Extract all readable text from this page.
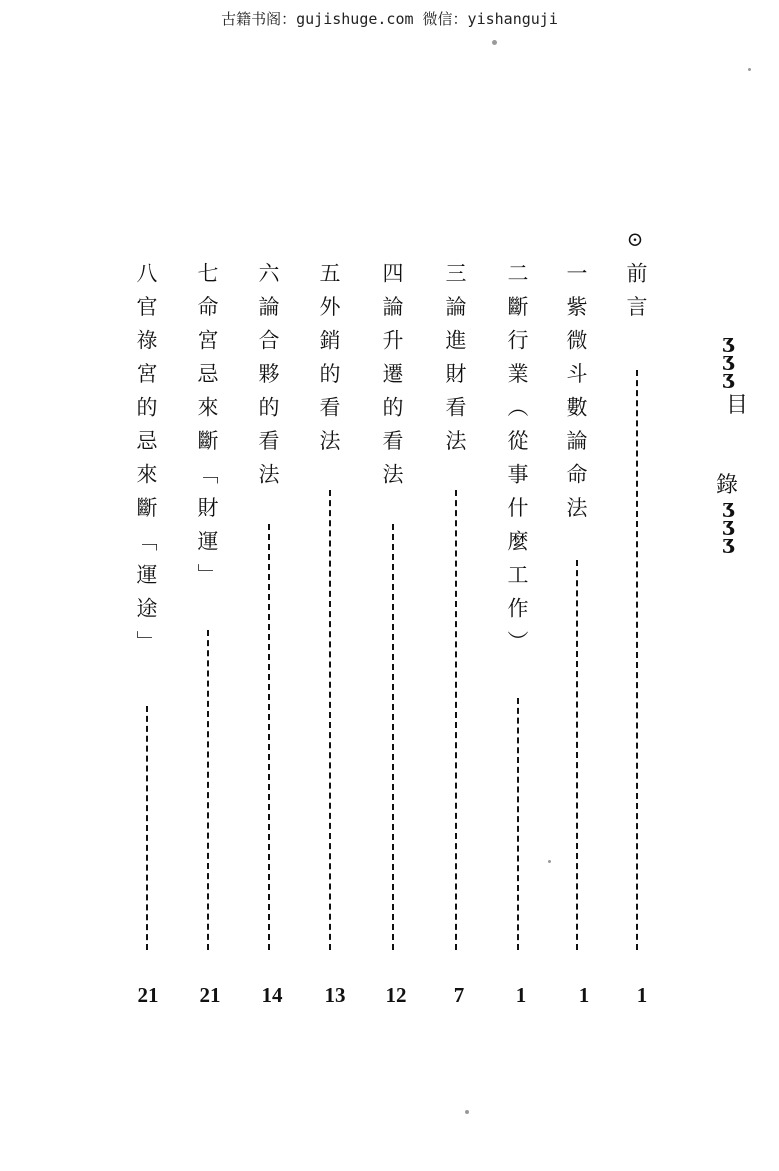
古籍书阁：gujishuge.com 微信：yishanguji
ʒ
ʒ
ʒ
目
錄
ʒ
ʒ
ʒ
⊙
前言
1
一紫微斗數論命法
1
二斷行業︵從事什麼工作︶
1
三論進財看法
7
四論升遷的看法
12
五外銷的看法
13
六論合夥的看法
14
七命宮忌來斷﹁財運﹂
21
八官祿宮的忌來斷﹁運途﹂
21
